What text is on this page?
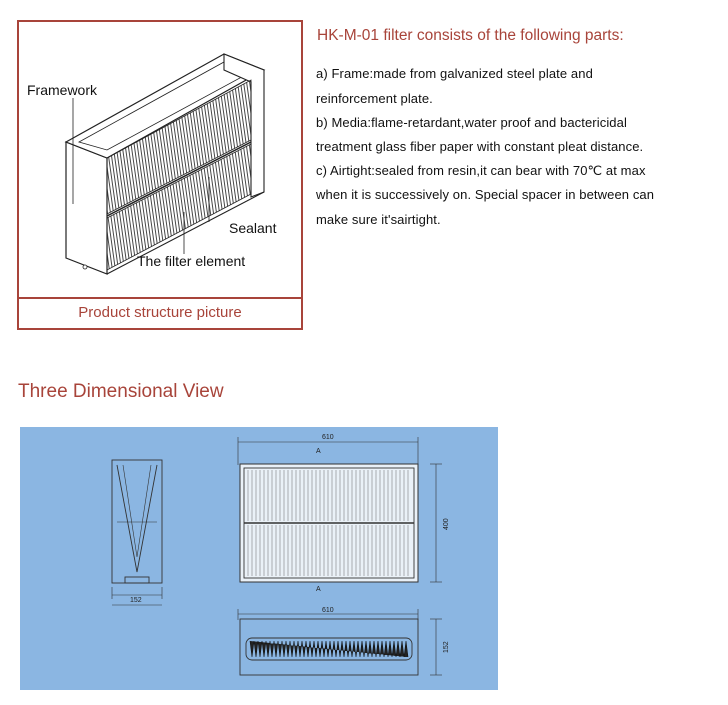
Framework
Sealant
The filter element
Product structure picture
HK-M-01 filter consists of the following parts:
a) Frame:made from galvanized steel plate and
reinforcement plate.
b) Media:flame-retardant,water proof and bactericidal
treatment glass fiber paper with constant pleat distance.
c) Airtight:sealed from resin,it can bear with 70℃ at max
when it is successively on. Special spacer in between can
make sure it'sairtight.
Three Dimensional View
152
610
A
A
400
610
152
